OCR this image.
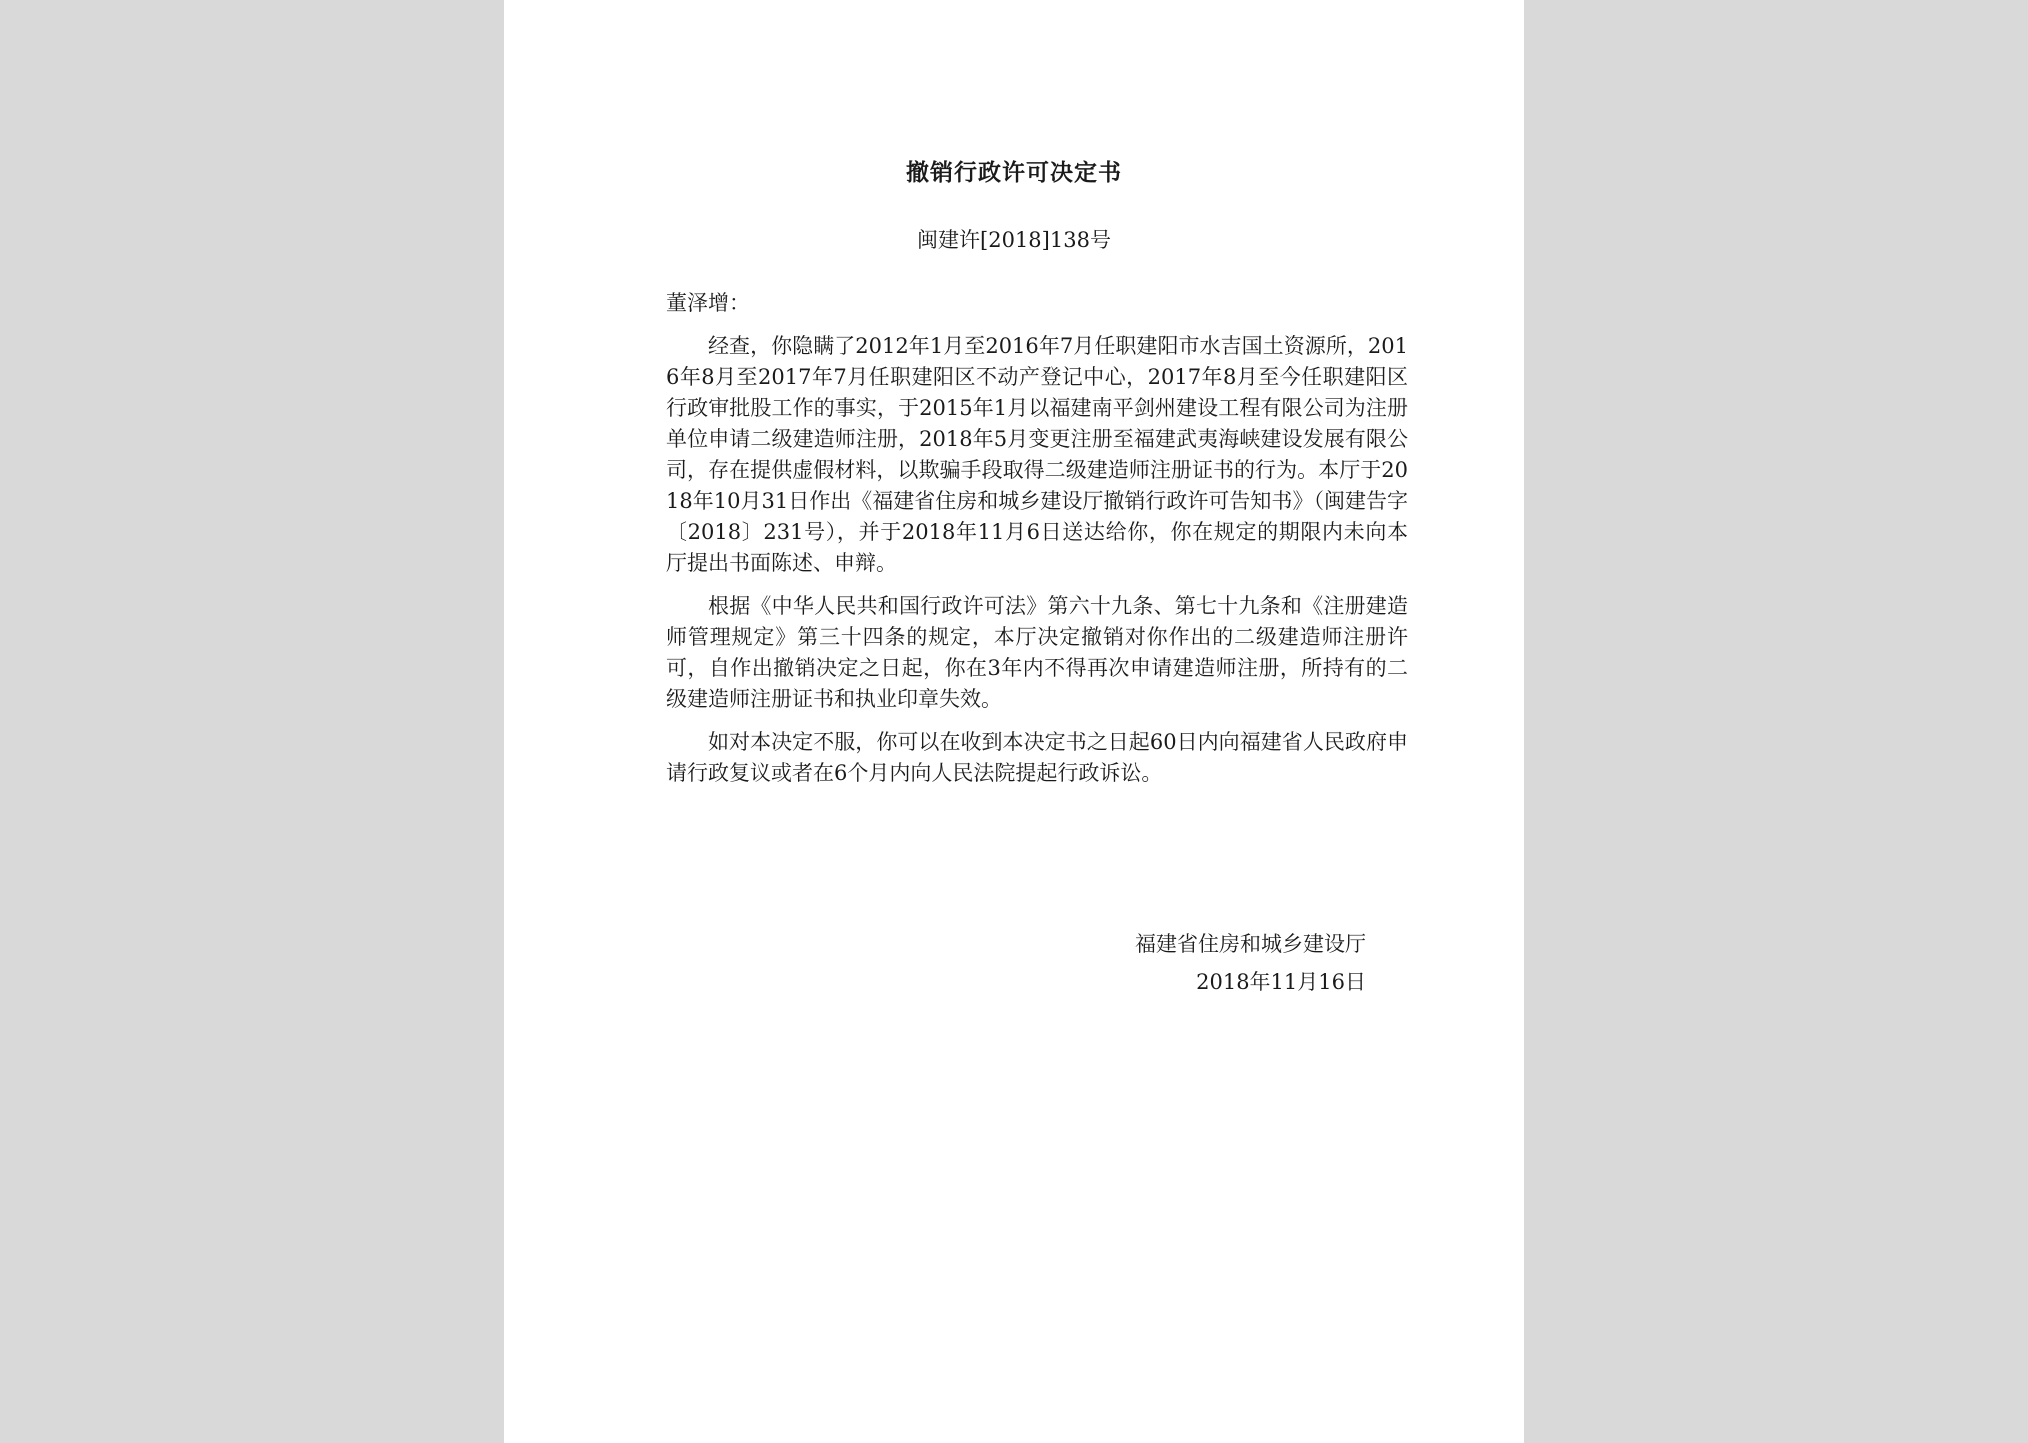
撤销行政许可决定书
闽建许[2018]138号

董泽增：

经查，你隐瞒了2012年1月至2016年7月任职建阳市水吉国土资源所，2016年8月至2017年7月任职建阳区不动产登记中心，2017年8月至今任职建阳区行政审批股工作的事实，于2015年1月以福建南平剑州建设工程有限公司为注册单位申请二级建造师注册，2018年5月变更注册至福建武夷海峡建设发展有限公司，存在提供虚假材料，以欺骗手段取得二级建造师注册证书的行为。本厅于2018年10月31日作出《福建省住房和城乡建设厅撤销行政许可告知书》（闽建告字〔2018〕231号），并于2018年11月6日送达给你，你在规定的期限内未向本厅提出书面陈述、申辩。

根据《中华人民共和国行政许可法》第六十九条、第七十九条和《注册建造师管理规定》第三十四条的规定，本厅决定撤销对你作出的二级建造师注册许可，自作出撤销决定之日起，你在3年内不得再次申请建造师注册，所持有的二级建造师注册证书和执业印章失效。

如对本决定不服，你可以在收到本决定书之日起60日内向福建省人民政府申请行政复议或者在6个月内向人民法院提起行政诉讼。

福建省住房和城乡建设厅
2018年11月16日
